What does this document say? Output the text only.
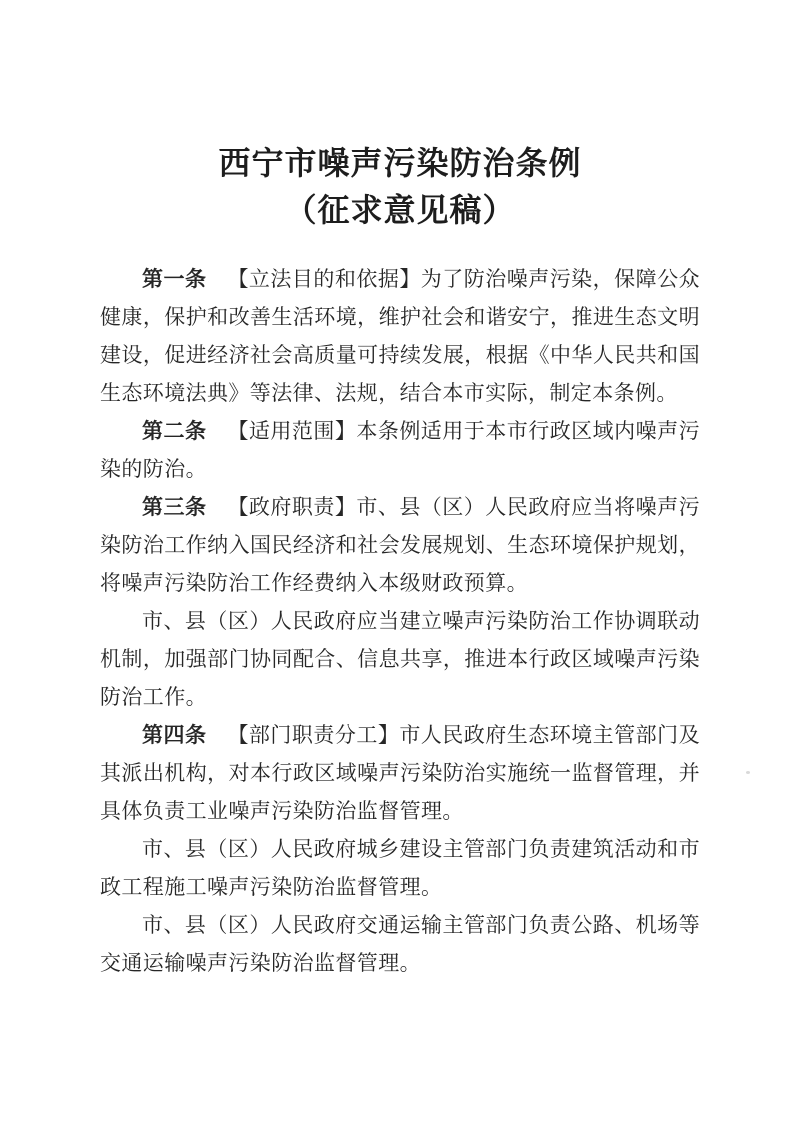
西宁市噪声污染防治条例
（征求意见稿）

第一条 【立法目的和依据】为了防治噪声污染，保障公众健康，保护和改善生活环境，维护社会和谐安宁，推进生态文明建设，促进经济社会高质量可持续发展，根据《中华人民共和国生态环境法典》等法律、法规，结合本市实际，制定本条例。

第二条 【适用范围】本条例适用于本市行政区域内噪声污染的防治。

第三条 【政府职责】市、县（区）人民政府应当将噪声污染防治工作纳入国民经济和社会发展规划、生态环境保护规划，将噪声污染防治工作经费纳入本级财政预算。

市、县（区）人民政府应当建立噪声污染防治工作协调联动机制，加强部门协同配合、信息共享，推进本行政区域噪声污染防治工作。

第四条 【部门职责分工】市人民政府生态环境主管部门及其派出机构，对本行政区域噪声污染防治实施统一监督管理，并具体负责工业噪声污染防治监督管理。

市、县（区）人民政府城乡建设主管部门负责建筑活动和市政工程施工噪声污染防治监督管理。

市、县（区）人民政府交通运输主管部门负责公路、机场等交通运输噪声污染防治监督管理。
